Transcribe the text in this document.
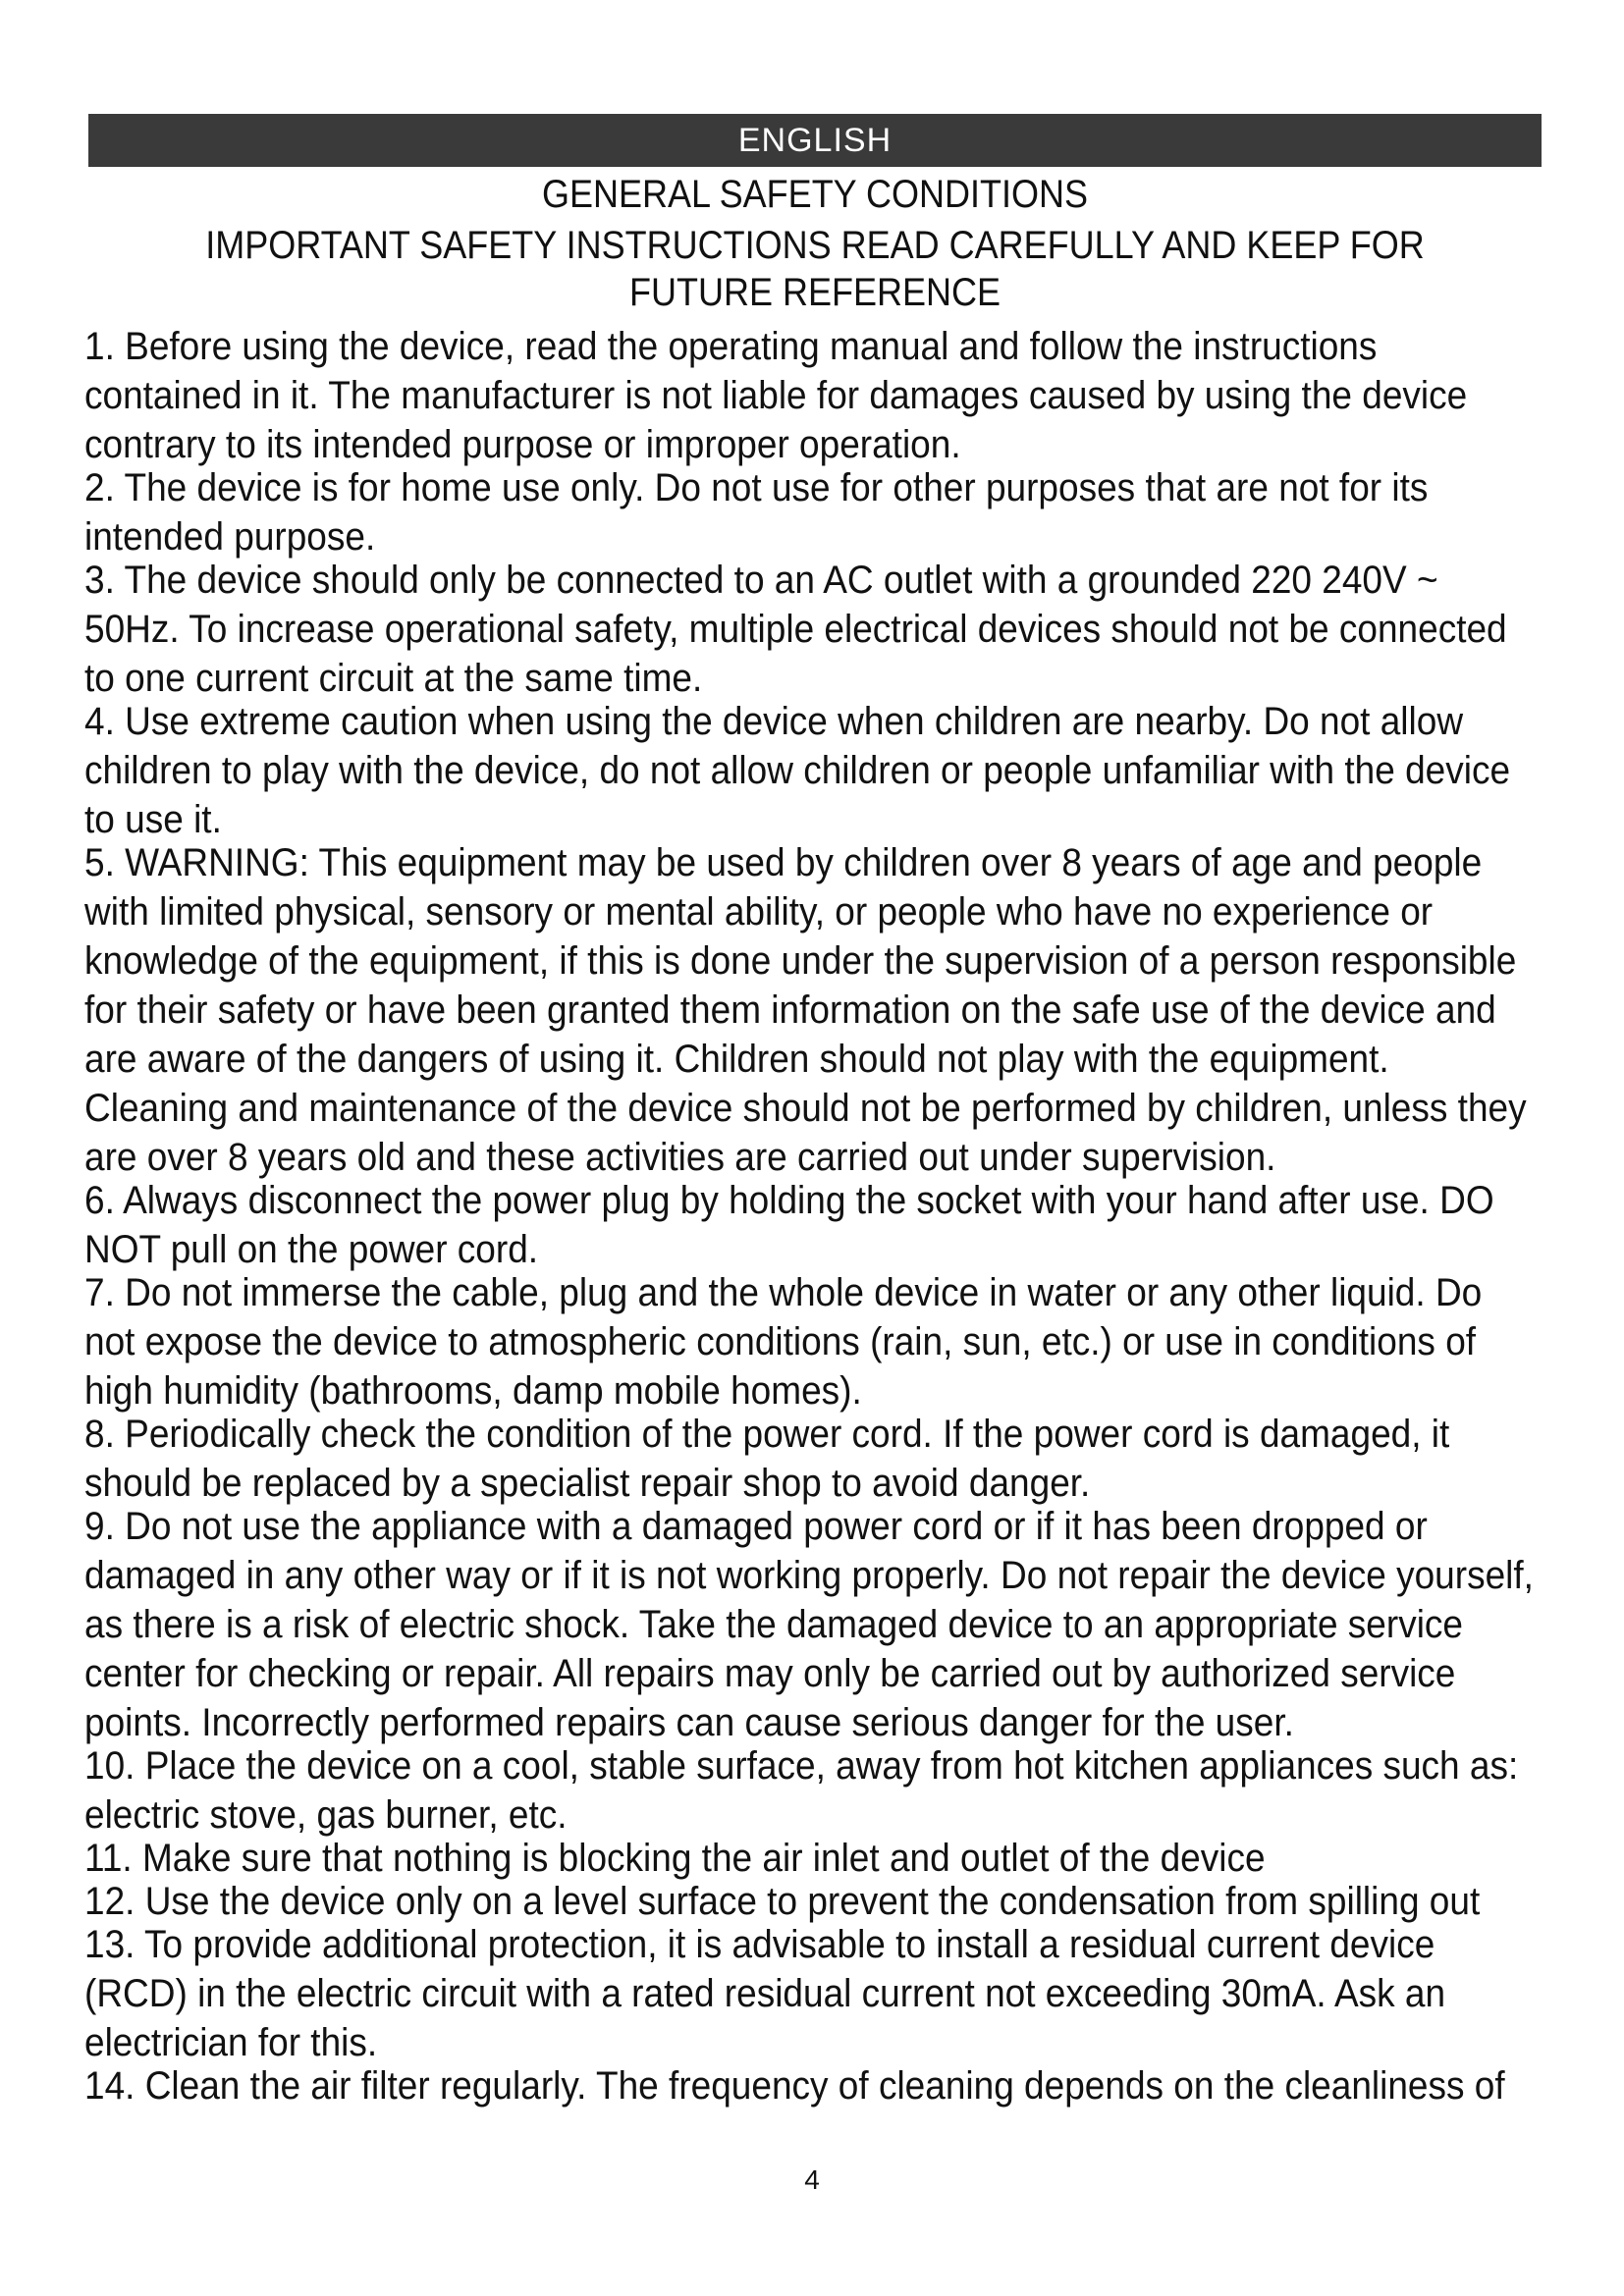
ENGLISH
GENERAL SAFETY CONDITIONS
IMPORTANT SAFETY INSTRUCTIONS READ CAREFULLY AND KEEP FOR FUTURE REFERENCE
1. Before using the device, read the operating manual and follow the instructions contained in it. The manufacturer is not liable for damages caused by using the device contrary to its intended purpose or improper operation.
2. The device is for home use only. Do not use for other purposes that are not for its intended purpose.
3. The device should only be connected to an AC outlet with a grounded 220 240V ~ 50Hz. To increase operational safety, multiple electrical devices should not be connected to one current circuit at the same time.
4. Use extreme caution when using the device when children are nearby. Do not allow children to play with the device, do not allow children or people unfamiliar with the device to use it.
5. WARNING: This equipment may be used by children over 8 years of age and people with limited physical, sensory or mental ability, or people who have no experience or knowledge of the equipment, if this is done under the supervision of a person responsible for their safety or have been granted them information on the safe use of the device and are aware of the dangers of using it. Children should not play with the equipment. Cleaning and maintenance of the device should not be performed by children, unless they are over 8 years old and these activities are carried out under supervision.
6. Always disconnect the power plug by holding the socket with your hand after use. DO NOT pull on the power cord.
7. Do not immerse the cable, plug and the whole device in water or any other liquid. Do not expose the device to atmospheric conditions (rain, sun, etc.) or use in conditions of high humidity (bathrooms, damp mobile homes).
8. Periodically check the condition of the power cord. If the power cord is damaged, it should be replaced by a specialist repair shop to avoid danger.
9. Do not use the appliance with a damaged power cord or if it has been dropped or damaged in any other way or if it is not working properly. Do not repair the device yourself, as there is a risk of electric shock. Take the damaged device to an appropriate service center for checking or repair. All repairs may only be carried out by authorized service points. Incorrectly performed repairs can cause serious danger for the user.
10. Place the device on a cool, stable surface, away from hot kitchen appliances such as: electric stove, gas burner, etc.
11. Make sure that nothing is blocking the air inlet and outlet of the device
12. Use the device only on a level surface to prevent the condensation from spilling out
13. To provide additional protection, it is advisable to install a residual current device (RCD) in the electric circuit with a rated residual current not exceeding 30mA. Ask an electrician for this.
14. Clean the air filter regularly. The frequency of cleaning depends on the cleanliness of
4
